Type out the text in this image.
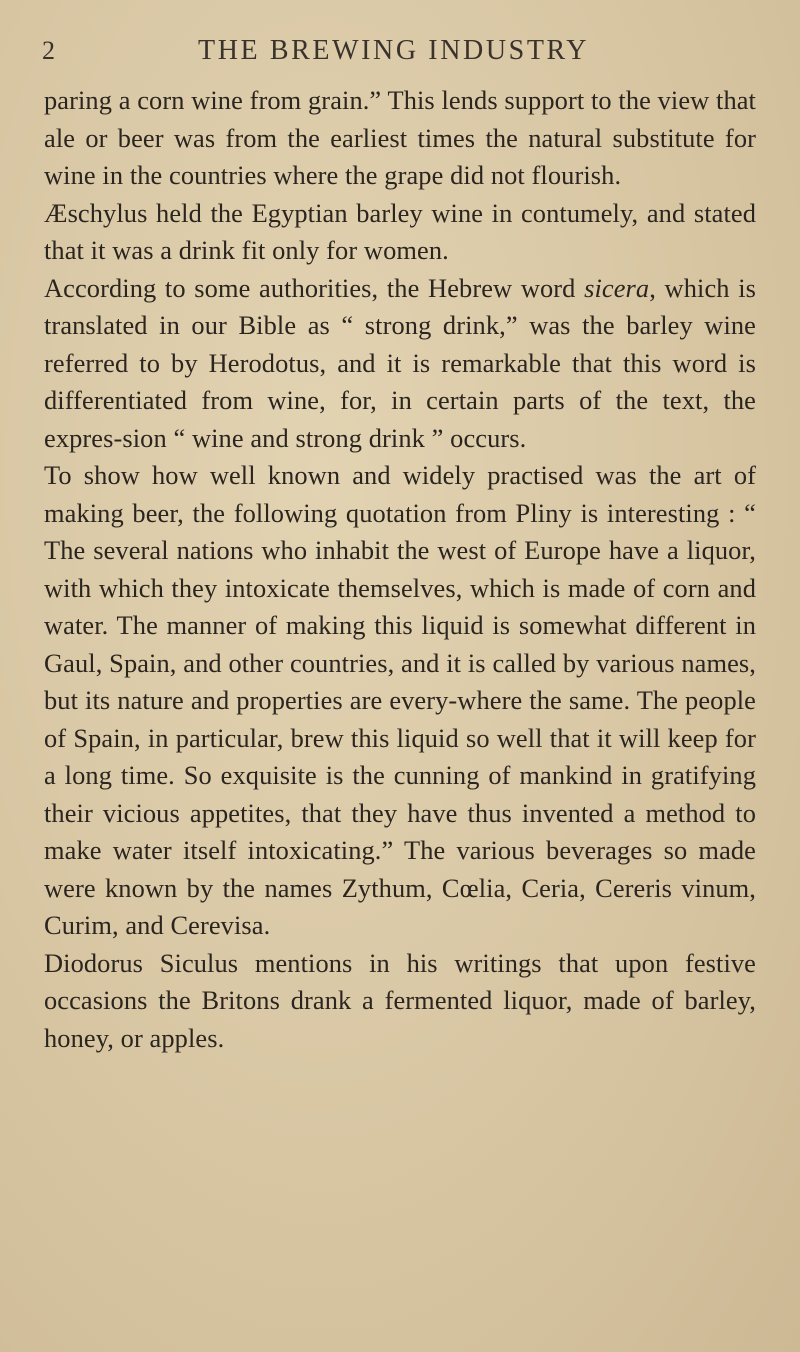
2	THE BREWING INDUSTRY

paring a corn wine from grain.” This lends support to the view that ale or beer was from the earliest times the natural substitute for wine in the countries where the grape did not flourish.

Æschylus held the Egyptian barley wine in contumely, and stated that it was a drink fit only for women.

According to some authorities, the Hebrew word sicera, which is translated in our Bible as “ strong drink,” was the barley wine referred to by Herodotus, and it is remarkable that this word is differentiated from wine, for, in certain parts of the text, the expres-sion “ wine and strong drink ” occurs.

To show how well known and widely practised was the art of making beer, the following quotation from Pliny is interesting : “ The several nations who inhabit the west of Europe have a liquor, with which they intoxicate themselves, which is made of corn and water. The manner of making this liquid is somewhat different in Gaul, Spain, and other countries, and it is called by various names, but its nature and properties are every-where the same. The people of Spain, in particular, brew this liquid so well that it will keep for a long time. So exquisite is the cunning of mankind in gratifying their vicious appetites, that they have thus invented a method to make water itself intoxicating.” The various beverages so made were known by the names Zythum, Cœlia, Ceria, Cereris vinum, Curim, and Cerevisa.

Diodorus Siculus mentions in his writings that upon festive occasions the Britons drank a fermented liquor, made of barley, honey, or apples.
